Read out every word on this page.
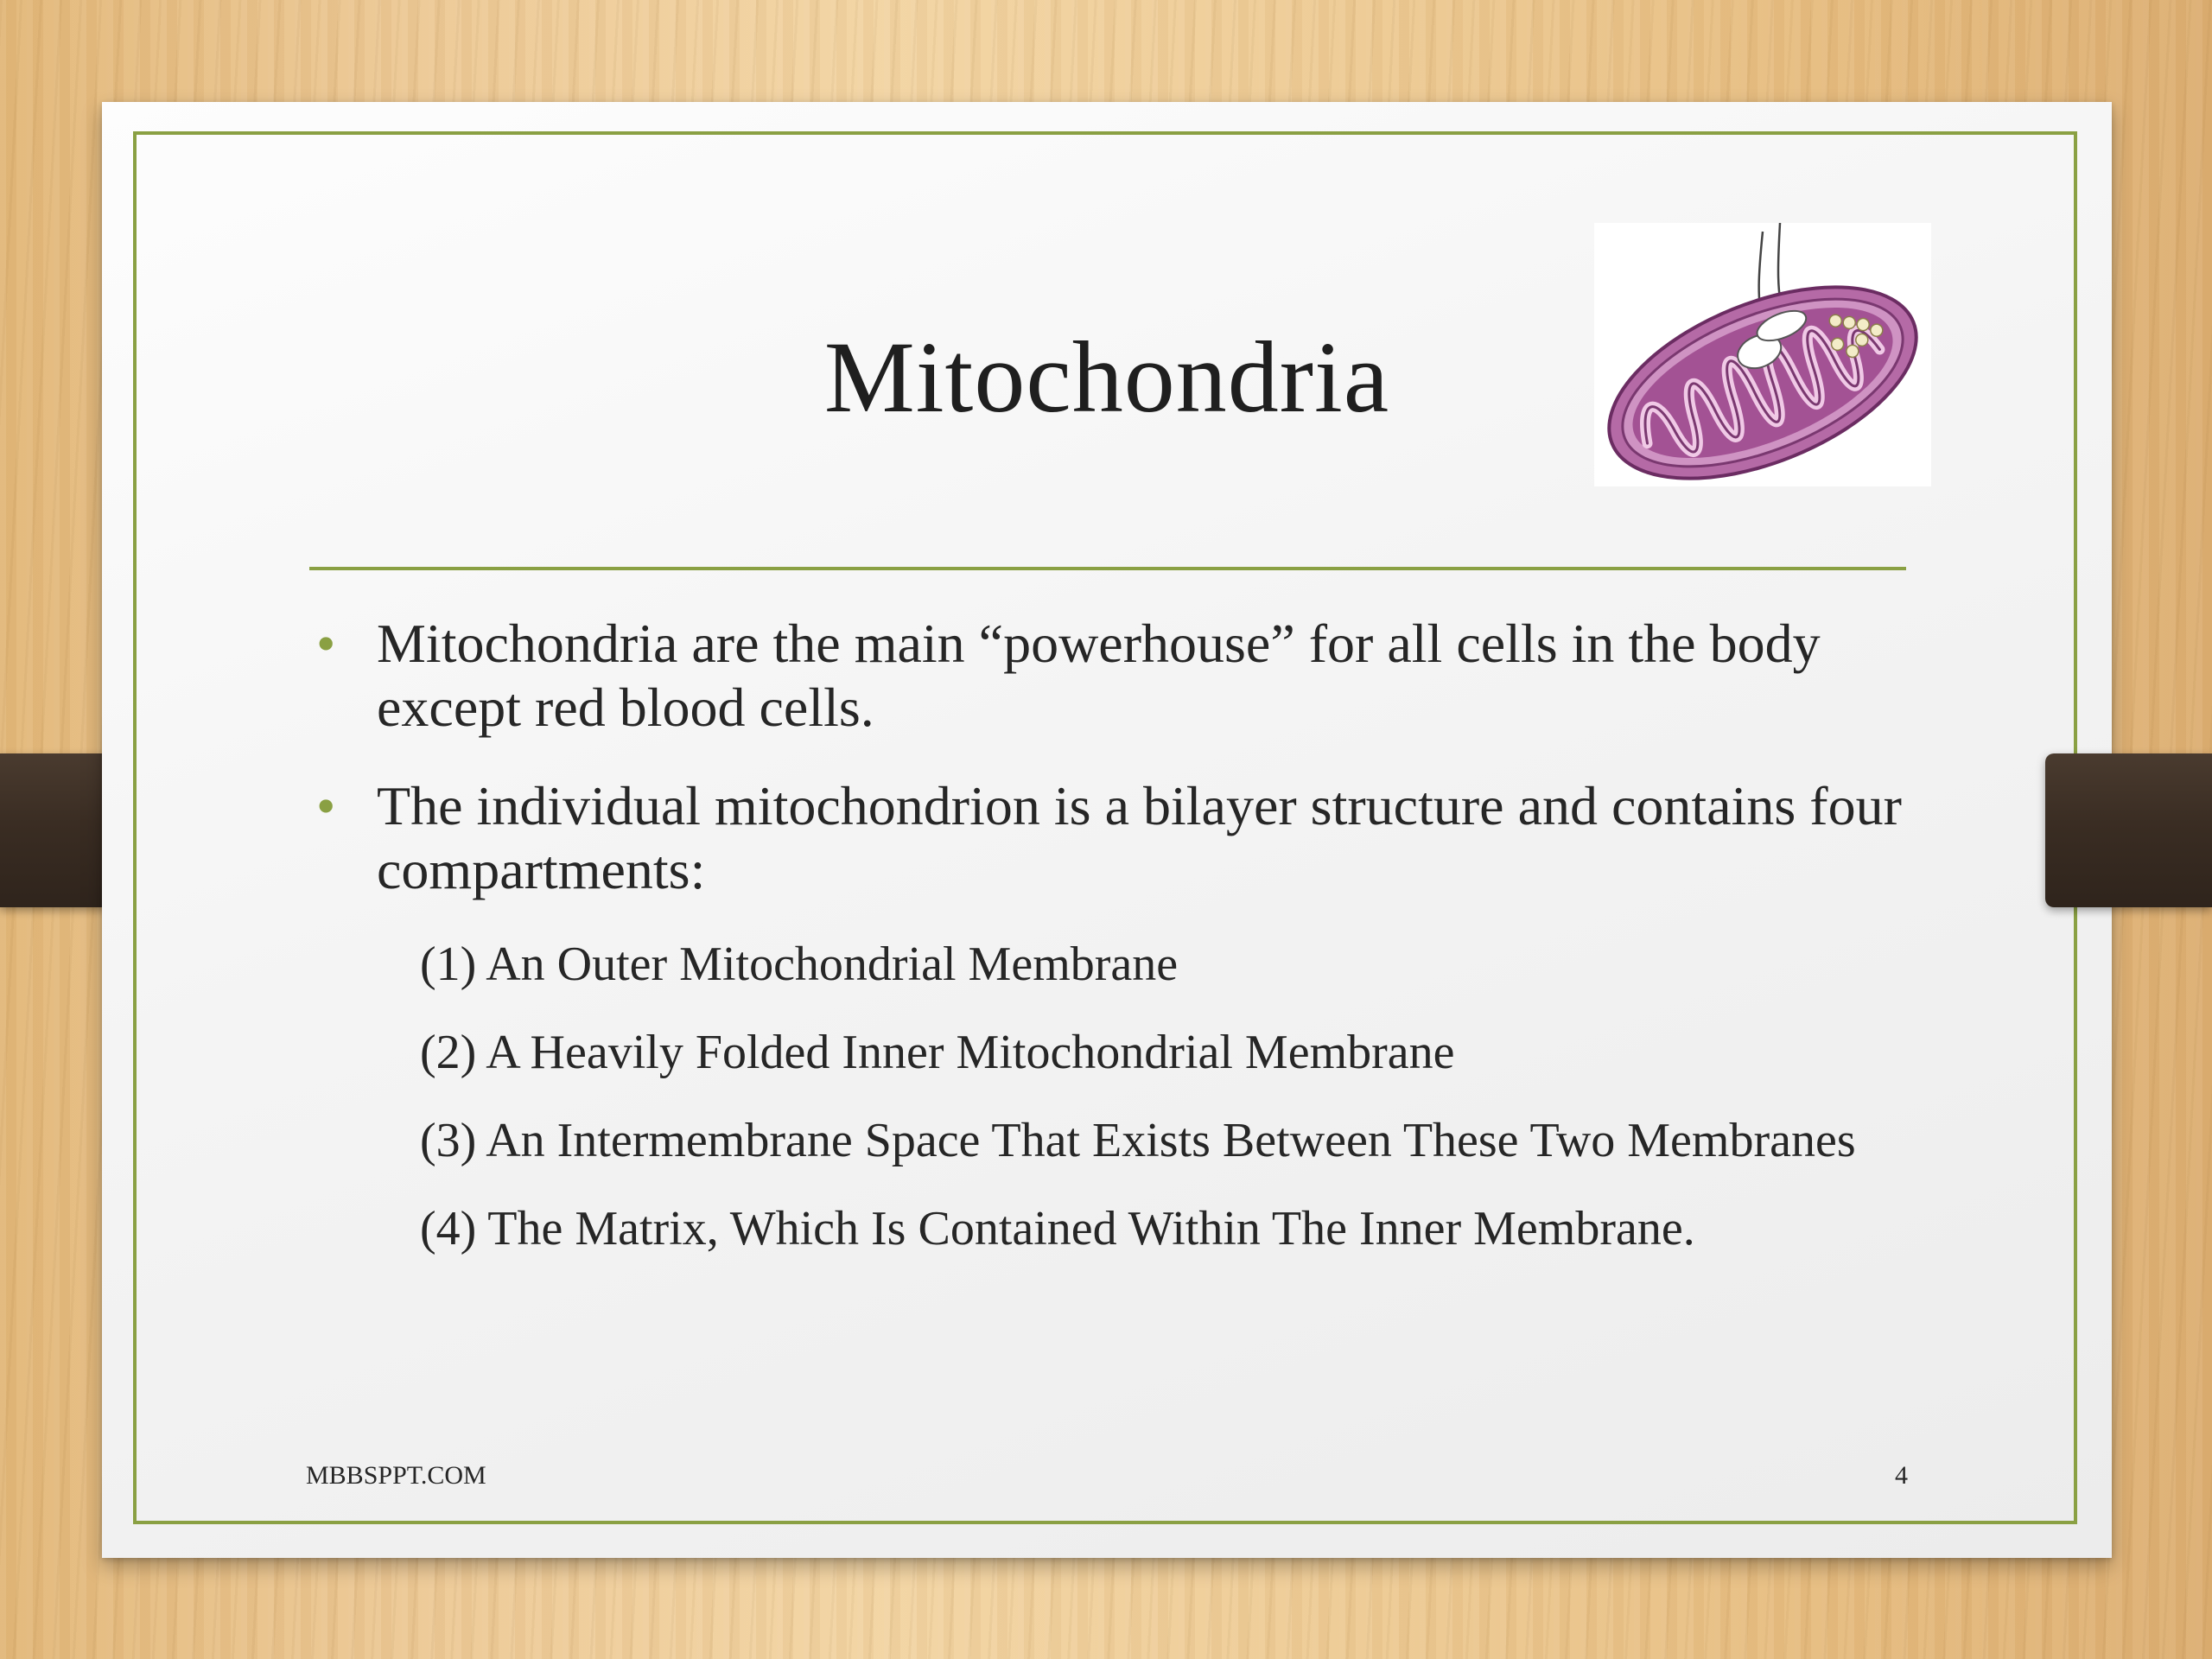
Mitochondria
• Mitochondria are the main “powerhouse” for all cells in the body except red blood cells.
• The individual mitochondrion is a bilayer structure and contains four compartments:
(1) An Outer Mitochondrial Membrane
(2) A Heavily Folded Inner Mitochondrial Membrane
(3) An Intermembrane Space That Exists Between These Two Membranes
(4) The Matrix, Which Is Contained Within The Inner Membrane.
MBBSPPT.COM	4
